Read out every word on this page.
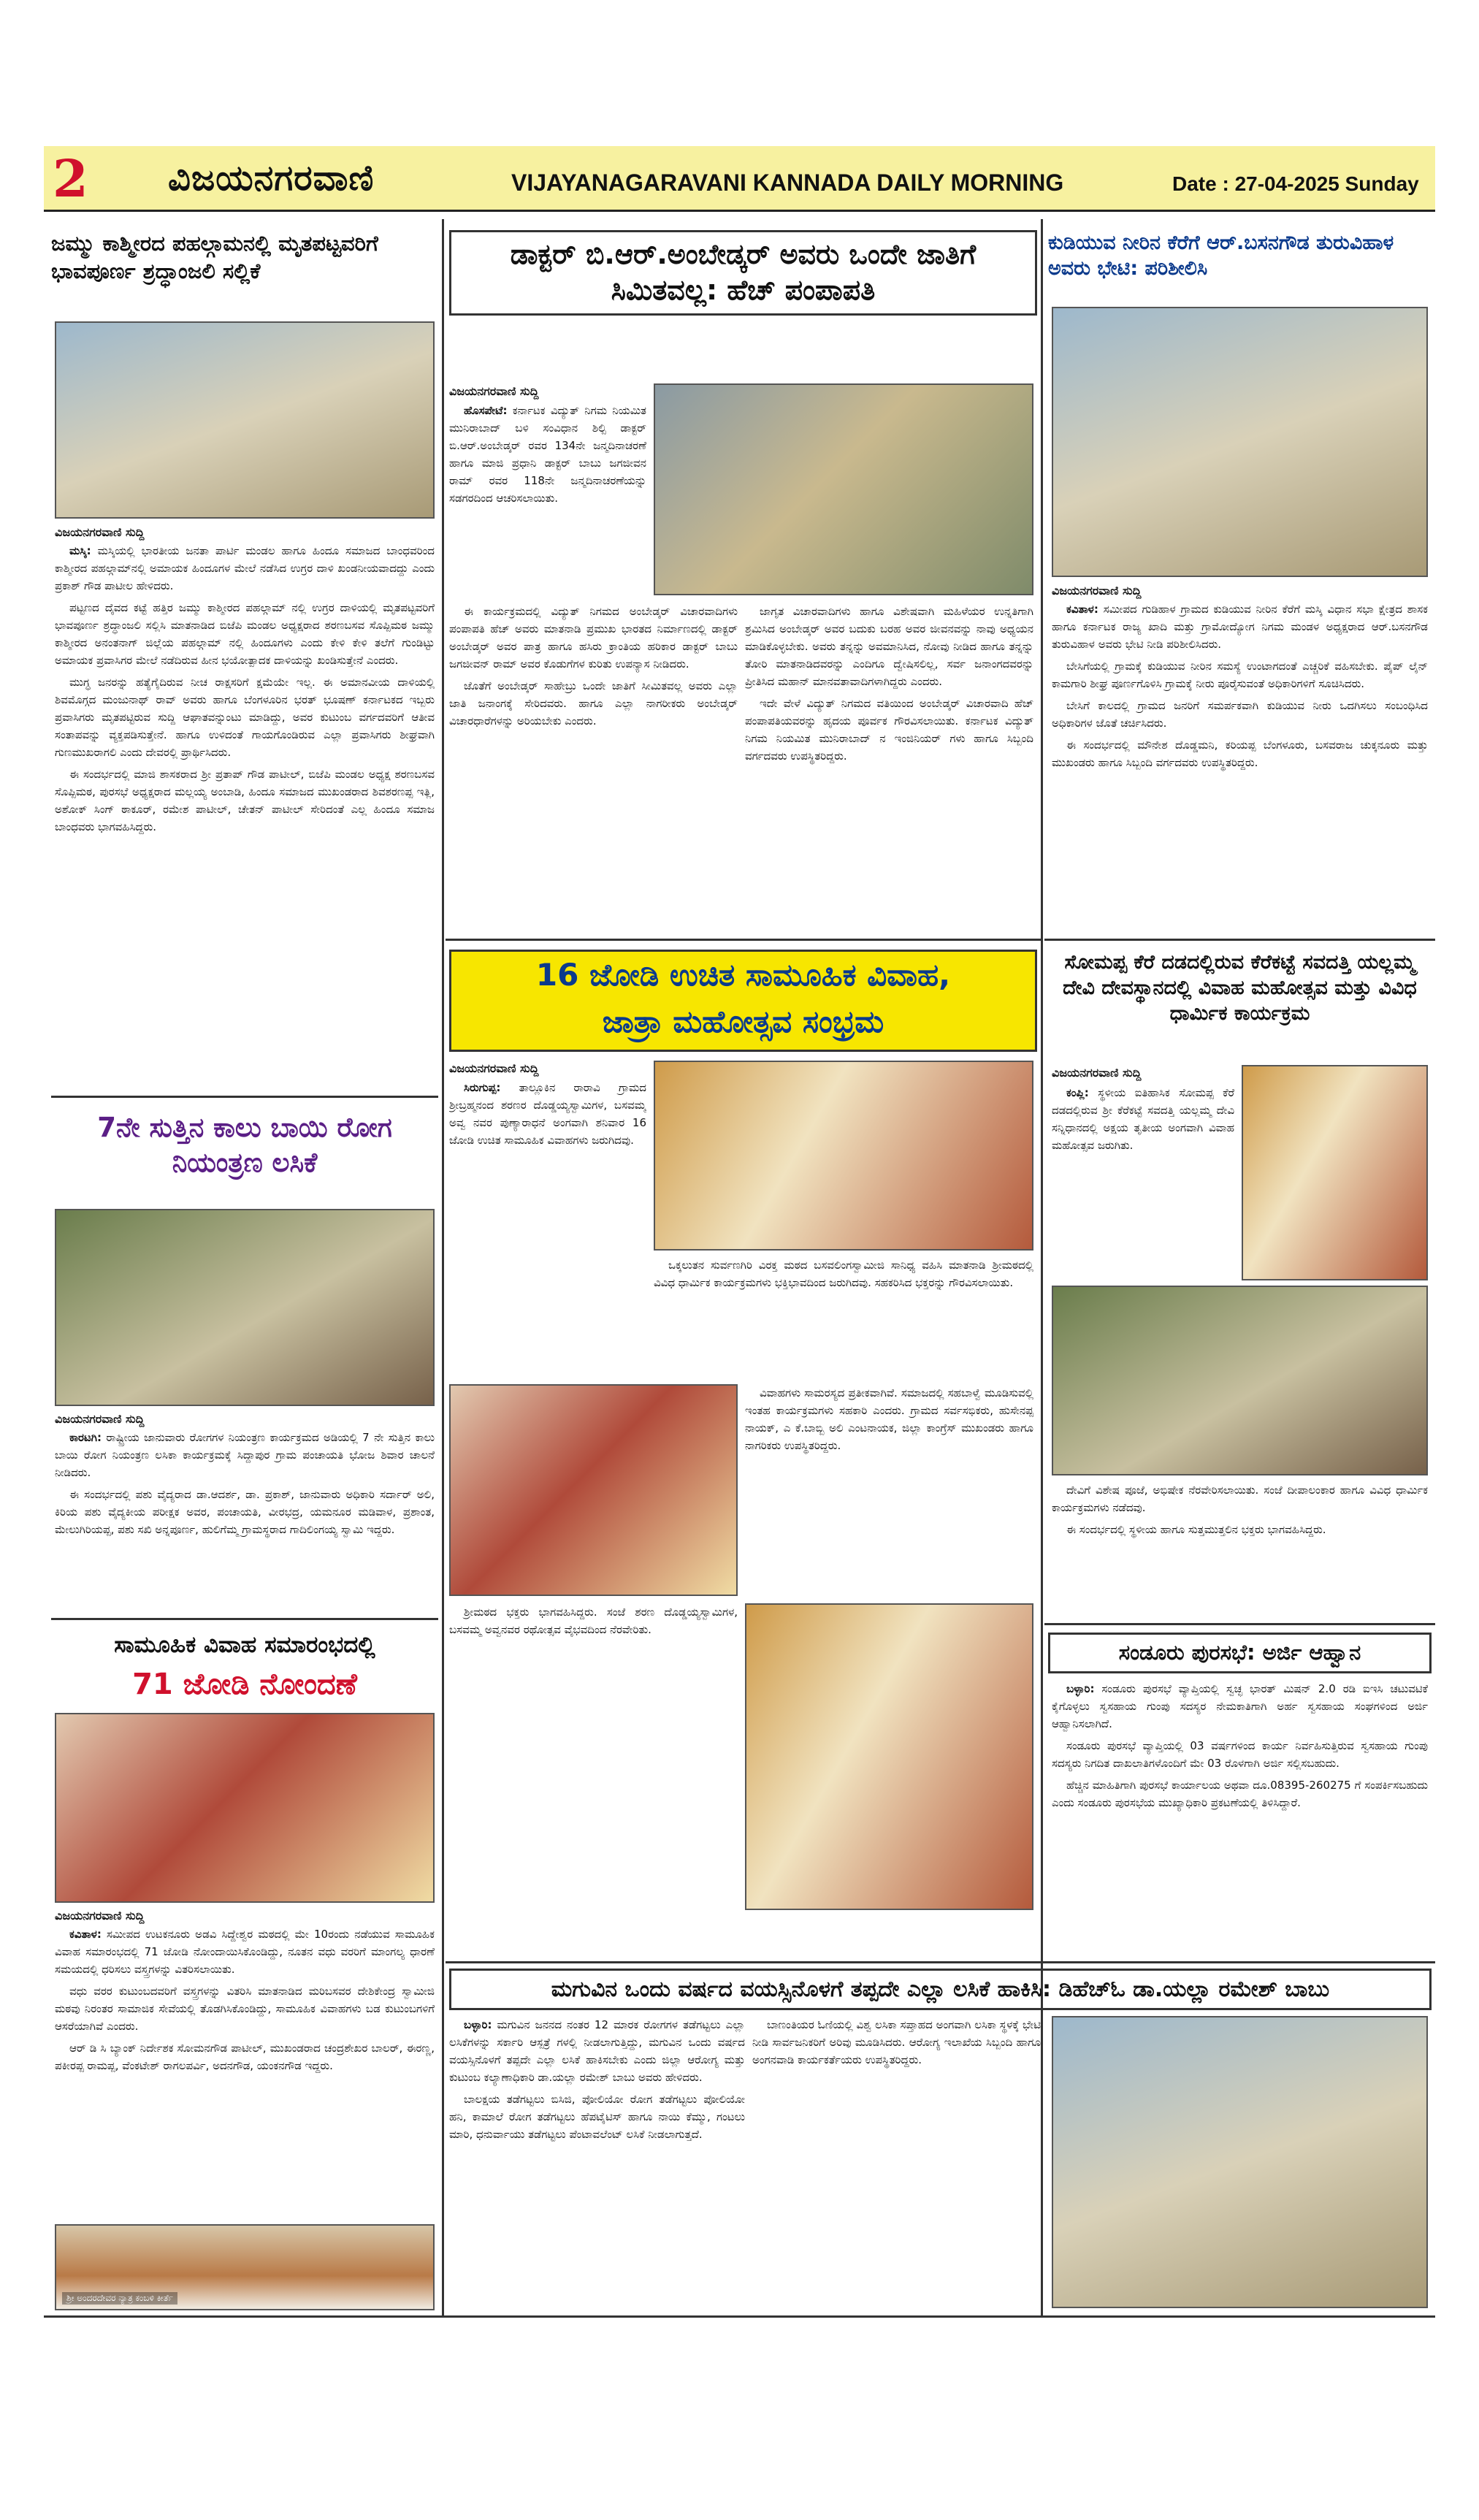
2 ವಿಜಯನಗರವಾಣಿ	VIJAYANAGARAVANI KANNADA DAILY MORNING	Date : 27-04-2025 Sunday
ಜಮ್ಮು ಕಾಶ್ಮೀರದ ಪಹಲ್ಗಾಮನಲ್ಲಿ ಮೃತಪಟ್ಟವರಿಗೆ ಭಾವಪೂರ್ಣ ಶ್ರದ್ಧಾಂಜಲಿ ಸಲ್ಲಿಕೆ
ವಿಜಯನಗರವಾಣಿ ಸುದ್ದಿ

ಮಸ್ಕಿ: ಮಸ್ಕಿಯಲ್ಲಿ ಭಾರತೀಯ ಜನತಾ ಪಾರ್ಟಿ ಮಂಡಲ ಹಾಗೂ ಹಿಂದೂ ಸಮಾಜದ ಬಾಂಧವರಿಂದ ಕಾಶ್ಮೀರದ ಪಹಲ್ಗಾಮ್‌ನಲ್ಲಿ ಅಮಾಯಕ ಹಿಂದೂಗಳ ಮೇಲೆ ನಡೆಸಿದ ಉಗ್ರರ ದಾಳಿ ಖಂಡನೀಯವಾದದ್ದು ಎಂದು ಪ್ರಕಾಶ್ ಗೌಡ ಪಾಟೀಲ ಹೇಳಿದರು.

ಪಟ್ಟಣದ ದೈವದ ಕಟ್ಟೆ ಹತ್ತಿರ ಜಮ್ಮು ಕಾಶ್ಮೀರದ ಪಹಲ್ಗಾಮ್ ನಲ್ಲಿ ಉಗ್ರರ ದಾಳಿಯಲ್ಲಿ ಮೃತಪಟ್ಟವರಿಗೆ ಭಾವಪೂರ್ಣ ಶ್ರದ್ಧಾಂಜಲಿ ಸಲ್ಲಿಸಿ ಮಾತನಾಡಿದ ಬಿಜೆಪಿ ಮಂಡಲ ಅಧ್ಯಕ್ಷರಾದ ಶರಣಬಸವ ಸೊಪ್ಪಿಮಠ ಜಮ್ಮು ಕಾಶ್ಮೀರದ ಅನಂತನಾಗ್ ಜಿಲ್ಲೆಯ ಪಹಲ್ಗಾಮ್ ನಲ್ಲಿ ಹಿಂದೂಗಳು ಎಂದು ಕೇಳಿ ಕೇಳಿ ತಲೆಗೆ ಗುಂಡಿಟ್ಟು ಅಮಾಯಕ ಪ್ರವಾಸಿಗರ ಮೇಲೆ ನಡೆದಿರುವ ಹೀನ ಭಯೋತ್ಪಾದಕ ದಾಳಿಯನ್ನು ಖಂಡಿಸುತ್ತೇನೆ ಎಂದರು.

ಮುಗ್ಧ ಜನರನ್ನು ಹತ್ಯೆಗೈದಿರುವ ನೀಚ ರಾಕ್ಷಸರಿಗೆ ಕ್ಷಮೆಯೇ ಇಲ್ಲ. ಈ ಅಮಾನವೀಯ ದಾಳಿಯಲ್ಲಿ ಶಿವಮೊಗ್ಗದ ಮಂಜುನಾಥ್ ರಾವ್ ಅವರು ಹಾಗೂ ಬೆಂಗಳೂರಿನ ಭರತ್ ಭೂಷಣ್ ಕರ್ನಾಟಕದ ಇಬ್ಬರು ಪ್ರವಾಸಿಗರು ಮೃತಪಟ್ಟಿರುವ ಸುದ್ದಿ ಆಘಾತವನ್ನುಂಟು ಮಾಡಿದ್ದು, ಅವರ ಕುಟುಂಬ ವರ್ಗದವರಿಗೆ ಆತೀವ ಸಂತಾಪವನ್ನು ವ್ಯಕ್ತಪಡಿಸುತ್ತೇನೆ. ಹಾಗೂ ಉಳಿದಂತೆ ಗಾಯಗೊಂಡಿರುವ ಎಲ್ಲಾ ಪ್ರವಾಸಿಗರು ಶೀಘ್ರವಾಗಿ ಗುಣಮುಖರಾಗಲಿ ಎಂದು ದೇವರಲ್ಲಿ ಪ್ರಾರ್ಥಿಸಿದರು.

ಈ ಸಂದರ್ಭದಲ್ಲಿ ಮಾಜಿ ಶಾಸಕರಾದ ಶ್ರೀ ಪ್ರತಾಪ್ ಗೌಡ ಪಾಟೀಲ್, ಬಿಜೆಪಿ ಮಂಡಲ ಅಧ್ಯಕ್ಷ ಶರಣಬಸವ ಸೊಪ್ಪಿಮಠ, ಪುರಸಭೆ ಅಧ್ಯಕ್ಷರಾದ ಮಲ್ಲಯ್ಯ ಅಂಬಾಡಿ, ಹಿಂದೂ ಸಮಾಜದ ಮುಖಂಡರಾದ ಶಿವಶರಣಪ್ಪ ಇತ್ಲಿ, ಅಶೋಕ್ ಸಿಂಗ್ ಠಾಕೂರ್, ರಮೇಶ ಪಾಟೀಲ್, ಚೇತನ್ ಪಾಟೀಲ್ ಸೇರಿದಂತೆ ಎಲ್ಲ ಹಿಂದೂ ಸಮಾಜ ಬಾಂಧವರು ಭಾಗವಹಿಸಿದ್ದರು.

7ನೇ ಸುತ್ತಿನ ಕಾಲು ಬಾಯಿ ರೋಗ ನಿಯಂತ್ರಣ ಲಸಿಕೆ
ವಿಜಯನಗರವಾಣಿ ಸುದ್ದಿ

ಕಾರಟಗಿ: ರಾಷ್ಟ್ರೀಯ ಜಾನುವಾರು ರೋಗಗಳ ನಿಯಂತ್ರಣ ಕಾರ್ಯಕ್ರಮದ ಅಡಿಯಲ್ಲಿ 7 ನೇ ಸುತ್ತಿನ ಕಾಲು ಬಾಯಿ ರೋಗ ನಿಯಂತ್ರಣ ಲಸಿಕಾ ಕಾರ್ಯಕ್ರಮಕ್ಕೆ ಸಿದ್ದಾಪುರ ಗ್ರಾಮ ಪಂಚಾಯತಿ ಭೋಜ ಶಿವಾರ ಚಾಲನೆ ನೀಡಿದರು.

ಈ ಸಂದರ್ಭದಲ್ಲಿ ಪಶು ವೈದ್ಯರಾದ ಡಾ.ಆದರ್ಶ, ಡಾ. ಪ್ರಕಾಶ್, ಜಾನುವಾರು ಅಧಿಕಾರಿ ಸರ್ದಾರ್ ಅಲಿ, ಕಿರಿಯ ಪಶು ವೈದ್ಯಕೀಯ ಪರೀಕ್ಷಕ ಅವರ, ಪಂಚಾಯತಿ, ವೀರಭದ್ರ, ಯಮನೂರ ಮಡಿವಾಳ, ಪ್ರಶಾಂತ, ಮೇಲುಗಿರಿಯಪ್ಪ, ಪಶು ಸಖಿ ಅನ್ನಪೂರ್ಣ, ಹುಲಿಗೆಮ್ಮ ಗ್ರಾಮಸ್ಥರಾದ ಗಾದಿಲಿಂಗಯ್ಯ ಸ್ವಾಮಿ ಇದ್ದರು.

ಸಾಮೂಹಿಕ ವಿವಾಹ ಸಮಾರಂಭದಲ್ಲಿ
71 ಜೋಡಿ ನೋಂದಣೆ
ವಿಜಯನಗರವಾಣಿ ಸುದ್ದಿ

ಕವಿತಾಳ: ಸಮೀಪದ ಉಟಕನೂರು ಅಡವಿ ಸಿದ್ದೇಶ್ವರ ಮಠದಲ್ಲಿ ಮೇ 10ರಂದು ನಡೆಯುವ ಸಾಮೂಹಿಕ ವಿವಾಹ ಸಮಾರಂಭದಲ್ಲಿ 71 ಜೋಡಿ ನೋಂದಾಯಿಸಿಕೊಂಡಿದ್ದು, ನೂತನ ವಧು ವರರಿಗೆ ಮಾಂಗಲ್ಯ ಧಾರಣೆ ಸಮಯದಲ್ಲಿ ಧರಿಸಲು ವಸ್ತ್ರಗಳನ್ನು ವಿತರಿಸಲಾಯಿತು.

ವಧು ವರರ ಕುಟುಂಬದವರಿಗೆ ವಸ್ತ್ರಗಳನ್ನು ವಿತರಿಸಿ ಮಾತನಾಡಿದ ಮರಿಬಸವರ ದೇಶಿಕೇಂದ್ರ ಸ್ವಾಮೀಜಿ ಮಠವು ನಿರಂತರ ಸಾಮಾಜಿಕ ಸೇವೆಯಲ್ಲಿ ತೊಡಗಿಸಿಕೊಂಡಿದ್ದು, ಸಾಮೂಹಿಕ ವಿವಾಹಗಳು ಬಡ ಕುಟುಂಬಗಳಿಗೆ ಆಸರೆಯಾಗಿವೆ ಎಂದರು.

ಆರ್ ಡಿ ಸಿ ಬ್ಯಾಂಕ್ ನಿರ್ದೇಶಕ ಸೋಮನಗೌಡ ಪಾಟೀಲ್, ಮುಖಂಡರಾದ ಚಂದ್ರಶೇಖರ ಬಾಲರ್, ಈರಣ್ಣ, ಪಕೀರಪ್ಪ ರಾಮಪ್ಪ, ವೆಂಕಟೇಶ್ ರಾಗಲಪರ್ವಿ, ಅದನಗೌಡ, ಯಂಕನಗೌಡ ಇದ್ದರು.

ಶ್ರೀ ಅಂದರದೇವರ ನ್ಯಾತ್ರ ಕಂಬಳಿ ಕೀರ್ತೆ
ಡಾಕ್ಟರ್ ಬಿ.ಆರ್.ಅಂಬೇಡ್ಕರ್ ಅವರು ಒಂದೇ ಜಾತಿಗೆ ಸಿಮಿತವಲ್ಲ: ಹೆಚ್ ಪಂಪಾಪತಿ
ವಿಜಯನಗರವಾಣಿ ಸುದ್ದಿ

ಹೊಸಪೇಟೆ: ಕರ್ನಾಟಕ ವಿದ್ಯುತ್ ನಿಗಮ ನಿಯಮಿತ ಮುನಿರಾಬಾದ್ ಬಳಿ ಸಂವಿಧಾನ ಶಿಲ್ಪಿ ಡಾಕ್ಟರ್ ಬಿ.ಆರ್.ಅಂಬೇಡ್ಕರ್ ರವರ 134ನೇ ಜನ್ಮದಿನಾಚರಣೆ ಹಾಗೂ ಮಾಜಿ ಪ್ರಧಾನಿ ಡಾಕ್ಟರ್ ಬಾಬು ಜಗಜೀವನ ರಾಮ್ ರವರ 118ನೇ ಜನ್ಮದಿನಾಚರಣೆಯನ್ನು ಸಡಗರದಿಂದ ಆಚರಿಸಲಾಯಿತು.

ಈ ಕಾರ್ಯಕ್ರಮದಲ್ಲಿ ವಿದ್ಯುತ್ ನಿಗಮದ ಅಂಬೇಡ್ಕರ್ ವಿಚಾರವಾದಿಗಳು ಪಂಪಾಪತಿ ಹೆಚ್ ಅವರು ಮಾತನಾಡಿ ಪ್ರಮುಖ ಭಾರತದ ನಿರ್ಮಾಣದಲ್ಲಿ ಡಾಕ್ಟರ್ ಅಂಬೇಡ್ಕರ್ ಅವರ ಪಾತ್ರ ಹಾಗೂ ಹಸಿರು ಕ್ರಾಂತಿಯ ಹರಿಕಾರ ಡಾಕ್ಟರ್ ಬಾಬು ಜಗಜೀವನ್ ರಾಮ್ ಅವರ ಕೊಡುಗೆಗಳ ಕುರಿತು ಉಪನ್ಯಾಸ ನೀಡಿದರು.

ಜೊತೆಗೆ ಅಂಬೇಡ್ಕರ್ ಸಾಹೇಬ್ರು ಒಂದೇ ಜಾತಿಗೆ ಸೀಮಿತವಲ್ಲ ಅವರು ಎಲ್ಲಾ ಜಾತಿ ಜನಾಂಗಕ್ಕೆ ಸೇರಿದವರು. ಹಾಗೂ ಎಲ್ಲಾ ನಾಗರೀಕರು ಅಂಬೇಡ್ಕರ್ ವಿಚಾರಧಾರೆಗಳನ್ನು ಅರಿಯಬೇಕು ಎಂದರು.

ಜಾಗೃತ ವಿಚಾರವಾದಿಗಳು ಹಾಗೂ ವಿಶೇಷವಾಗಿ ಮಹಿಳೆಯರ ಉನ್ನತಿಗಾಗಿ ಶ್ರಮಿಸಿದ ಅಂಬೇಡ್ಕರ್ ಅವರ ಬದುಕು ಬರಹ ಅವರ ಜೀವನವನ್ನು ನಾವು ಅಧ್ಯಯನ ಮಾಡಿಕೊಳ್ಳಬೇಕು. ಅವರು ತನ್ನನ್ನು ಅವಮಾನಿಸಿದ, ನೋವು ನೀಡಿದ ಹಾಗೂ ತನ್ನನ್ನು ತೋರಿ ಮಾತನಾಡಿದವರನ್ನು ಎಂದಿಗೂ ದ್ವೇಷಿಸಲಿಲ್ಲ, ಸರ್ವ ಜನಾಂಗದವರನ್ನು ಪ್ರೀತಿಸಿದ ಮಹಾನ್ ಮಾನವತಾವಾದಿಗಳಾಗಿದ್ದರು ಎಂದರು.

ಇದೇ ವೇಳೆ ವಿದ್ಯುತ್ ನಿಗಮದ ವತಿಯಿಂದ ಅಂಬೇಡ್ಕರ್ ವಿಚಾರವಾದಿ ಹೆಚ್ ಪಂಪಾಪತಿಯವರನ್ನು ಹೃದಯ ಪೂರ್ವಕ ಗೌರವಿಸಲಾಯಿತು. ಕರ್ನಾಟಕ ವಿದ್ಯುತ್ ನಿಗಮ ನಿಯಮಿತ ಮುನಿರಾಬಾದ್ ನ ಇಂಜಿನಿಯರ್ ಗಳು ಹಾಗೂ ಸಿಬ್ಬಂದಿ ವರ್ಗದವರು ಉಪಸ್ಥಿತರಿದ್ದರು.

16 ಜೋಡಿ ಉಚಿತ ಸಾಮೂಹಿಕ ವಿವಾಹ,
ಜಾತ್ರಾ ಮಹೋತ್ಸವ ಸಂಭ್ರಮ
ವಿಜಯನಗರವಾಣಿ ಸುದ್ದಿ

ಸಿರುಗುಪ್ಪ: ತಾಲ್ಲೂಕಿನ ರಾರಾವಿ ಗ್ರಾಮದ ಶ್ರೀಬ್ರಹ್ಮನಂದ ಶರಣರ ದೊಡ್ಡಯ್ಯಸ್ವಾಮಿಗಳ, ಬಸವಮ್ಮ ಅವ್ವ ನವರ ಪುಣ್ಯಾರಾಧನೆ ಅಂಗವಾಗಿ ಶನಿವಾರ 16 ಜೋಡಿ ಉಚಿತ ಸಾಮೂಹಿಕ ವಿವಾಹಗಳು ಜರುಗಿದವು.

ಒಕ್ಕಲುತನ ಸುರ್ವಣಗಿರಿ ವಿರಕ್ತ ಮಠದ ಬಸವಲಿಂಗಸ್ವಾಮೀಜಿ ಸಾನಿಧ್ಯ ವಹಿಸಿ ಮಾತನಾಡಿ ಶ್ರೀಮಠದಲ್ಲಿ ವಿವಿಧ ಧಾರ್ಮಿಕ ಕಾರ್ಯಕ್ರಮಗಳು ಭಕ್ತಿಭಾವದಿಂದ ಜರುಗಿದವು. ಸಹಕರಿಸಿದ ಭಕ್ತರನ್ನು ಗೌರವಿಸಲಾಯಿತು.

ವಿವಾಹಗಳು ಸಾಮರಸ್ಯದ ಪ್ರತೀಕವಾಗಿವೆ. ಸಮಾಜದಲ್ಲಿ ಸಹಬಾಳ್ವೆ ಮೂಡಿಸುವಲ್ಲಿ ಇಂತಹ ಕಾರ್ಯಕ್ರಮಗಳು ಸಹಕಾರಿ ಎಂದರು. ಗ್ರಾಮದ ಸರ್ವಸಭಿಕರು, ಹುಸೇನಪ್ಪ ನಾಯಕ್, ಎ ಕೆ.ಬಾಬ್ಬಿ ಅಲಿ ಎಂಟನಾಯಕ, ಜಿಲ್ಲಾ ಕಾಂಗ್ರೆಸ್ ಮುಖಂಡರು ಹಾಗೂ ನಾಗರಿಕರು ಉಪಸ್ಥಿತರಿದ್ದರು.

ಶ್ರೀಮಠದ ಭಕ್ತರು ಭಾಗವಹಿಸಿದ್ದರು. ಸಂಜೆ ಶರಣ ದೊಡ್ಡಯ್ಯಸ್ವಾಮಿಗಳ, ಬಸವಮ್ಮ ಅವ್ವನವರ ರಥೋತ್ಸವ ವೈಭವದಿಂದ ನೆರವೇರಿತು.

ಕುಡಿಯುವ ನೀರಿನ ಕೆರೆಗೆ ಆರ್.ಬಸನಗೌಡ ತುರುವಿಹಾಳ ಅವರು ಭೇಟಿ: ಪರಿಶೀಲಿಸಿ
ವಿಜಯನಗರವಾಣಿ ಸುದ್ದಿ

ಕವಿತಾಳ: ಸಮೀಪದ ಗುಡಿಹಾಳ ಗ್ರಾಮದ ಕುಡಿಯುವ ನೀರಿನ ಕೆರೆಗೆ ಮಸ್ಕಿ ವಿಧಾನ ಸಭಾ ಕ್ಷೇತ್ರದ ಶಾಸಕ ಹಾಗೂ ಕರ್ನಾಟಕ ರಾಜ್ಯ ಖಾದಿ ಮತ್ತು ಗ್ರಾಮೋದ್ಯೋಗ ನಿಗಮ ಮಂಡಳ ಅಧ್ಯಕ್ಷರಾದ ಆರ್.ಬಸನಗೌಡ ತುರುವಿಹಾಳ ಅವರು ಭೇಟಿ ನೀಡಿ ಪರಿಶೀಲಿಸಿದರು.

ಬೇಸಿಗೆಯಲ್ಲಿ ಗ್ರಾಮಕ್ಕೆ ಕುಡಿಯುವ ನೀರಿನ ಸಮಸ್ಯೆ ಉಂಟಾಗದಂತೆ ಎಚ್ಚರಿಕೆ ವಹಿಸಬೇಕು. ಪೈಪ್ ಲೈನ್ ಕಾಮಗಾರಿ ಶೀಘ್ರ ಪೂರ್ಣಗೊಳಿಸಿ ಗ್ರಾಮಕ್ಕೆ ನೀರು ಪೂರೈಸುವಂತೆ ಅಧಿಕಾರಿಗಳಿಗೆ ಸೂಚಿಸಿದರು.

ಬೇಸಿಗೆ ಕಾಲದಲ್ಲಿ ಗ್ರಾಮದ ಜನರಿಗೆ ಸಮರ್ಪಕವಾಗಿ ಕುಡಿಯುವ ನೀರು ಒದಗಿಸಲು ಸಂಬಂಧಿಸಿದ ಅಧಿಕಾರಿಗಳ ಜೊತೆ ಚರ್ಚಿಸಿದರು.

ಈ ಸಂದರ್ಭದಲ್ಲಿ ಮೌನೇಶ ದೊಡ್ಡಮನಿ, ಕರಿಯಪ್ಪ ಬೆಂಗಳೂರು, ಬಸವರಾಜ ಚುಕ್ಕನೂರು ಮತ್ತು ಮುಖಂಡರು ಹಾಗೂ ಸಿಬ್ಬಂದಿ ವರ್ಗದವರು ಉಪಸ್ಥಿತರಿದ್ದರು.

ಸೋಮಪ್ಪ ಕೆರೆ ದಡದಲ್ಲಿರುವ ಕೆರೆಕಟ್ಟೆ ಸವದತ್ತಿ ಯಲ್ಲಮ್ಮ ದೇವಿ ದೇವಸ್ಥಾನದಲ್ಲಿ ವಿವಾಹ ಮಹೋತ್ಸವ ಮತ್ತು ವಿವಿಧ ಧಾರ್ಮಿಕ ಕಾರ್ಯಕ್ರಮ
ವಿಜಯನಗರವಾಣಿ ಸುದ್ದಿ

ಕಂಪ್ಲಿ: ಸ್ಥಳೀಯ ಐತಿಹಾಸಿಕ ಸೋಮಪ್ಪ ಕೆರೆ ದಡದಲ್ಲಿರುವ ಶ್ರೀ ಕೆರೆಕಟ್ಟೆ ಸವದತ್ತಿ ಯಲ್ಲಮ್ಮ ದೇವಿ ಸನ್ನಿಧಾನದಲ್ಲಿ ಅಕ್ಷಯ ತೃತೀಯ ಅಂಗವಾಗಿ ವಿವಾಹ ಮಹೋತ್ಸವ ಜರುಗಿತು.

ದೇವಿಗೆ ವಿಶೇಷ ಪೂಜೆ, ಅಭಿಷೇಕ ನೆರವೇರಿಸಲಾಯಿತು. ಸಂಜೆ ದೀಪಾಲಂಕಾರ ಹಾಗೂ ವಿವಿಧ ಧಾರ್ಮಿಕ ಕಾರ್ಯಕ್ರಮಗಳು ನಡೆದವು.

ಈ ಸಂದರ್ಭದಲ್ಲಿ ಸ್ಥಳೀಯ ಹಾಗೂ ಸುತ್ತಮುತ್ತಲಿನ ಭಕ್ತರು ಭಾಗವಹಿಸಿದ್ದರು.

ಸಂಡೂರು ಪುರಸಭೆ: ಅರ್ಜಿ ಆಹ್ವಾನ

ಬಳ್ಳಾರಿ: ಸಂಡೂರು ಪುರಸಭೆ ವ್ಯಾಪ್ತಿಯಲ್ಲಿ ಸ್ವಚ್ಛ ಭಾರತ್ ಮಿಷನ್ 2.0 ರಡಿ ಐಇಸಿ ಚಟುವಟಿಕೆ ಕೈಗೊಳ್ಳಲು ಸ್ವಸಹಾಯ ಗುಂಪು ಸದಸ್ಯರ ನೇಮಕಾತಿಗಾಗಿ ಅರ್ಹ ಸ್ವಸಹಾಯ ಸಂಘಗಳಿಂದ ಅರ್ಜಿ ಆಹ್ವಾನಿಸಲಾಗಿದೆ.

ಸಂಡೂರು ಪುರಸಭೆ ವ್ಯಾಪ್ತಿಯಲ್ಲಿ 03 ವರ್ಷಗಳಿಂದ ಕಾರ್ಯ ನಿರ್ವಹಿಸುತ್ತಿರುವ ಸ್ವಸಹಾಯ ಗುಂಪು ಸದಸ್ಯರು ನಿಗದಿತ ದಾಖಲಾತಿಗಳೊಂದಿಗೆ ಮೇ 03 ರೊಳಗಾಗಿ ಅರ್ಜಿ ಸಲ್ಲಿಸಬಹುದು.

ಹೆಚ್ಚಿನ ಮಾಹಿತಿಗಾಗಿ ಪುರಸಭೆ ಕಾರ್ಯಾಲಯ ಅಥವಾ ದೂ.08395-260275 ಗೆ ಸಂಪರ್ಕಿಸಬಹುದು ಎಂದು ಸಂಡೂರು ಪುರಸಭೆಯ ಮುಖ್ಯಾಧಿಕಾರಿ ಪ್ರಕಟಣೆಯಲ್ಲಿ ತಿಳಿಸಿದ್ದಾರೆ.

ಮಗುವಿನ ಒಂದು ವರ್ಷದ ವಯಸ್ಸಿನೊಳಗೆ ತಪ್ಪದೇ ಎಲ್ಲಾ ಲಸಿಕೆ ಹಾಕಿಸಿ: ಡಿಹೆಚ್‌ಓ ಡಾ.ಯಲ್ಲಾ ರಮೇಶ್ ಬಾಬು

ಬಳ್ಳಾರಿ: ಮಗುವಿನ ಜನನದ ನಂತರ 12 ಮಾರಕ ರೋಗಗಳ ತಡೆಗಟ್ಟಲು ಎಲ್ಲಾ ಲಸಿಕೆಗಳನ್ನು ಸರ್ಕಾರಿ ಆಸ್ಪತ್ರೆ ಗಳಲ್ಲಿ ನೀಡಲಾಗುತ್ತಿದ್ದು, ಮಗುವಿನ ಒಂದು ವರ್ಷದ ವಯಸ್ಸಿನೊಳಗೆ ತಪ್ಪದೇ ಎಲ್ಲಾ ಲಸಿಕೆ ಹಾಕಿಸಬೇಕು ಎಂದು ಜಿಲ್ಲಾ ಆರೋಗ್ಯ ಮತ್ತು ಕುಟುಂಬ ಕಲ್ಯಾಣಾಧಿಕಾರಿ ಡಾ.ಯಲ್ಲಾ ರಮೇಶ್ ಬಾಬು ಅವರು ಹೇಳಿದರು.

ಬಾಲಕ್ಷಯ ತಡೆಗಟ್ಟಲು ಬಿಸಿಜಿ, ಪೋಲಿಯೋ ರೋಗ ತಡೆಗಟ್ಟಲು ಪೋಲಿಯೋ ಹನಿ, ಕಾಮಾಲೆ ರೋಗ ತಡೆಗಟ್ಟಲು ಹೆಪಟೈಟಿಸ್ ಹಾಗೂ ನಾಯಿ ಕೆಮ್ಮು, ಗಂಟಲು ಮಾರಿ, ಧನುರ್ವಾಯು ತಡೆಗಟ್ಟಲು ಪೆಂಟಾವಲೆಂಟ್ ಲಸಿಕೆ ನೀಡಲಾಗುತ್ತದೆ.

ಬಾಣಂತಿಯರ ಓಣಿಯಲ್ಲಿ ವಿಶ್ವ ಲಸಿಕಾ ಸಪ್ತಾಹದ ಅಂಗವಾಗಿ ಲಸಿಕಾ ಸ್ಥಳಕ್ಕೆ ಭೇಟಿ ನೀಡಿ ಸಾರ್ವಜನಿಕರಿಗೆ ಅರಿವು ಮೂಡಿಸಿದರು. ಆರೋಗ್ಯ ಇಲಾಖೆಯ ಸಿಬ್ಬಂದಿ ಹಾಗೂ ಅಂಗನವಾಡಿ ಕಾರ್ಯಕರ್ತೆಯರು ಉಪಸ್ಥಿತರಿದ್ದರು.
